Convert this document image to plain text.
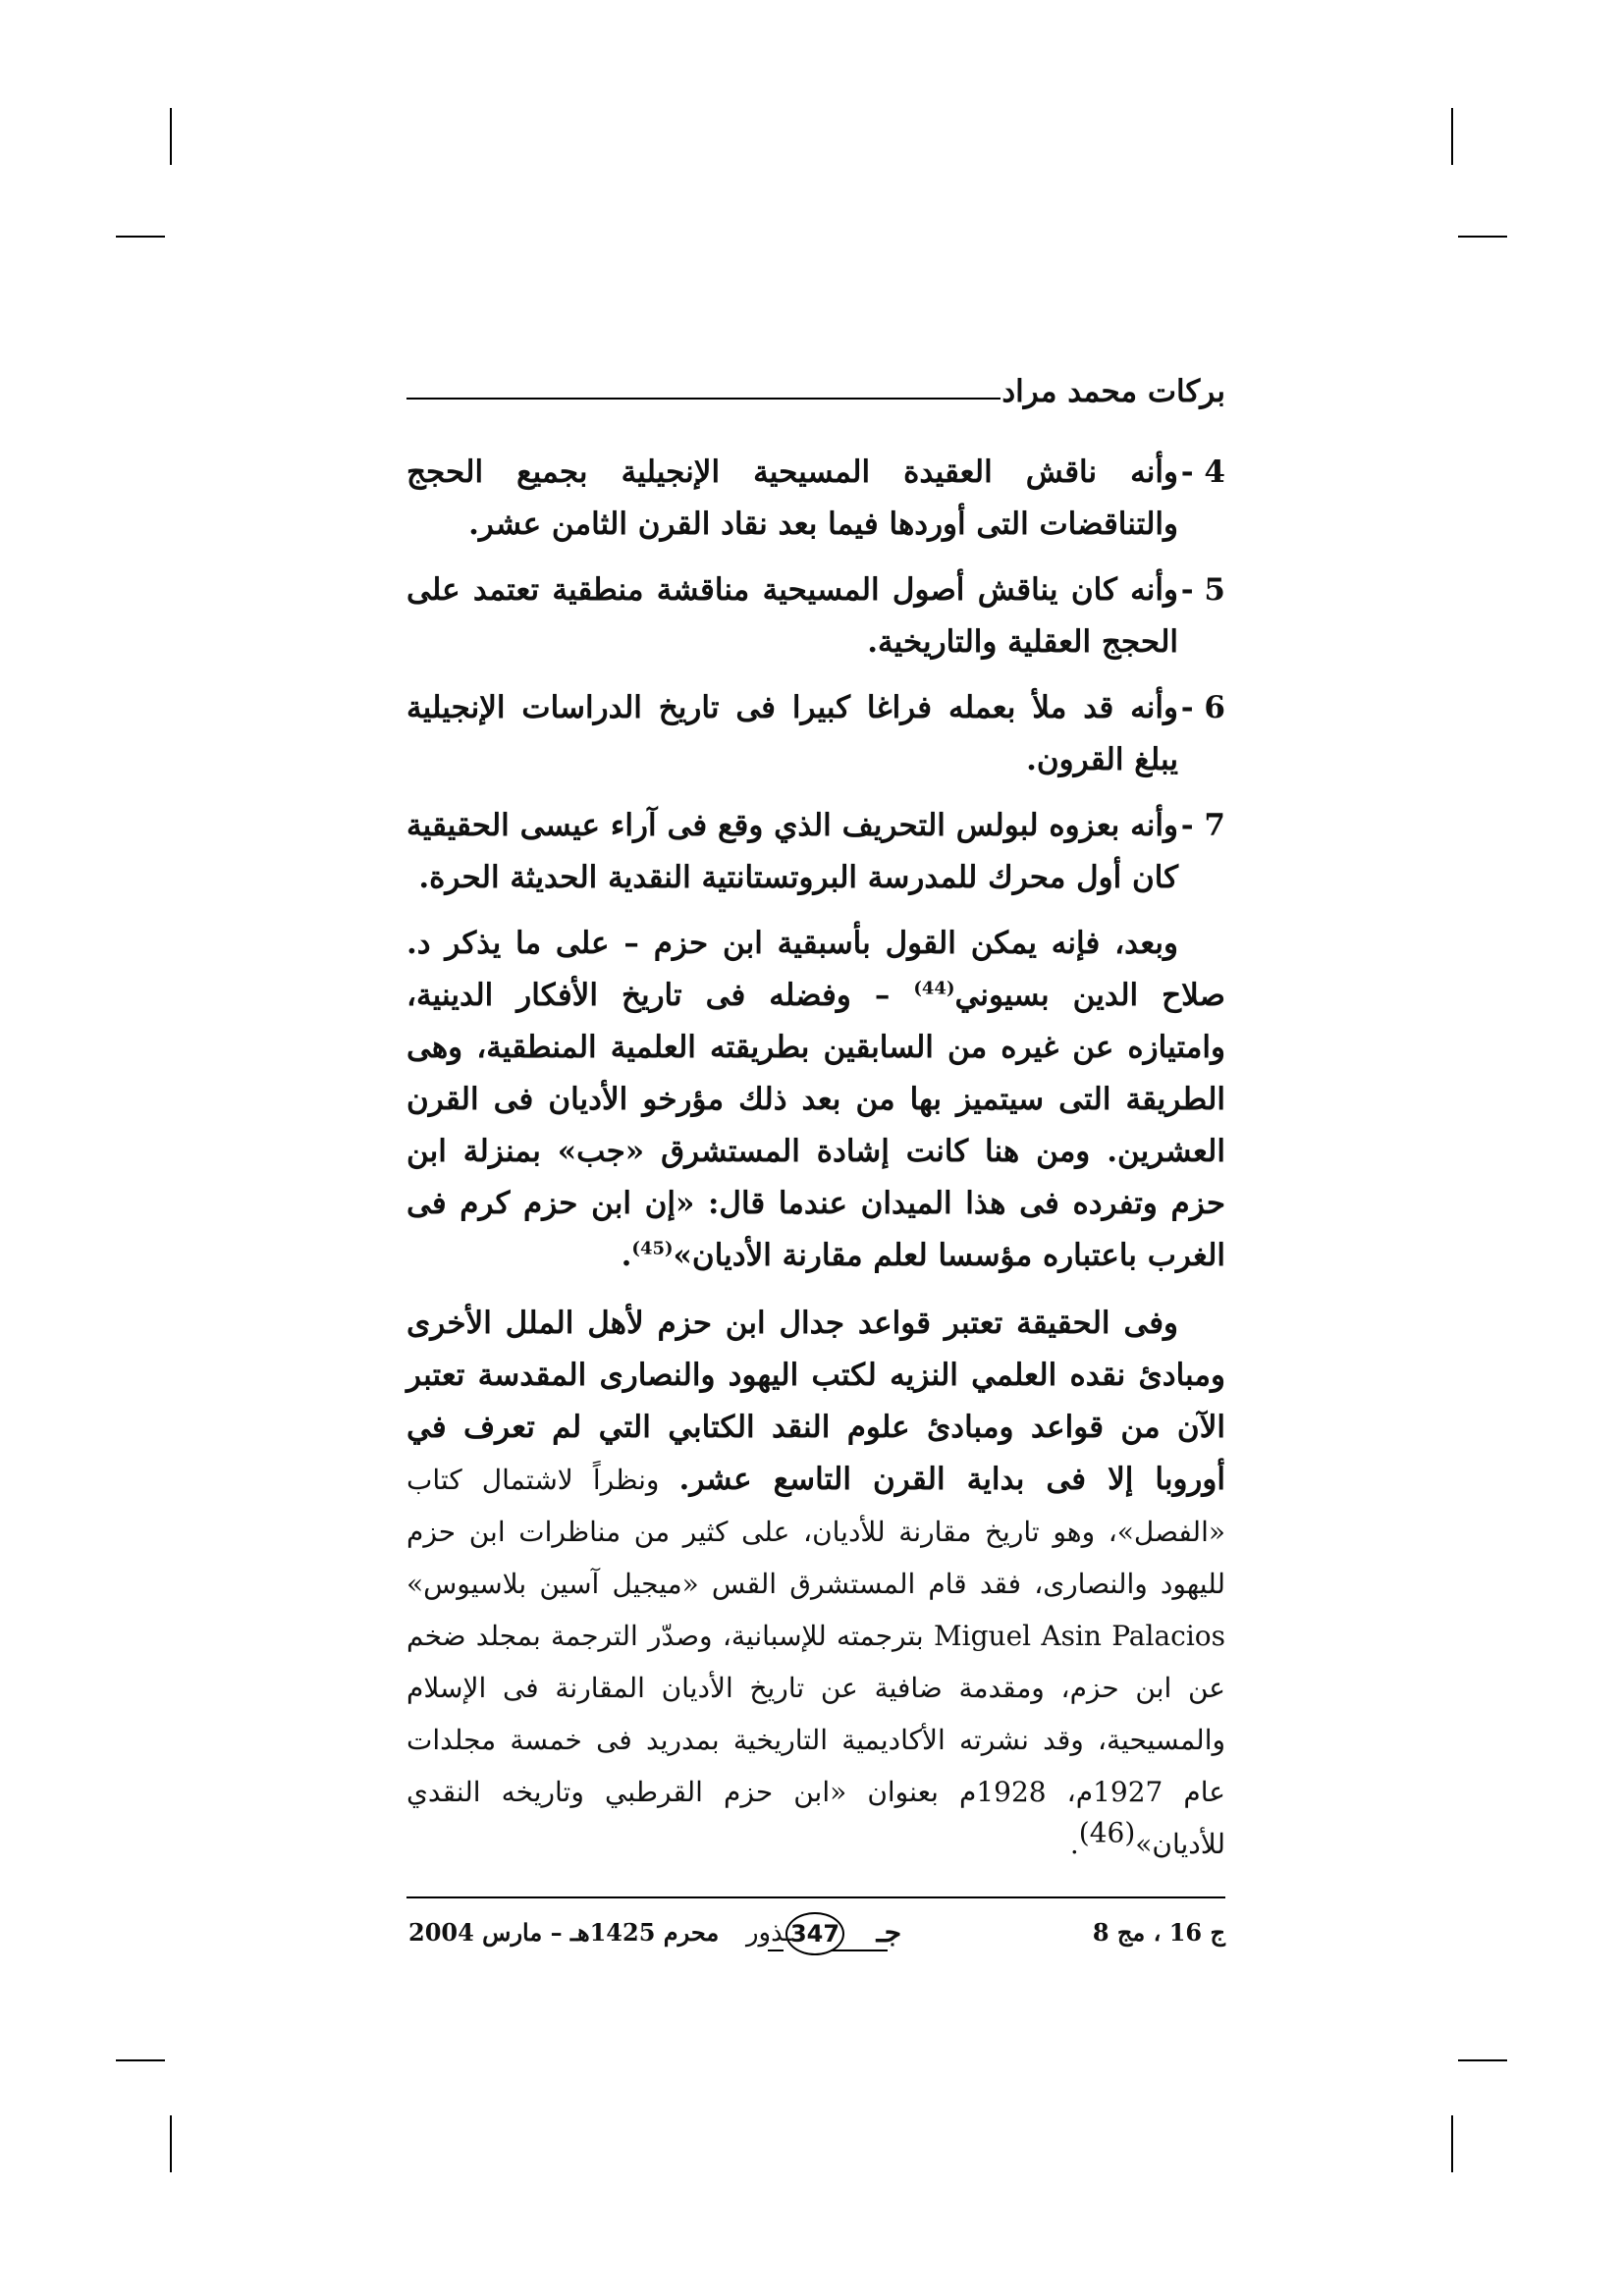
بركات محمد مراد
4 -
وأنه ناقش العقيدة المسيحية الإنجيلية بجميع الحجج والتناقضات التى أوردها فيما بعد نقاد القرن الثامن عشر.
5 -
وأنه كان يناقش أصول المسيحية مناقشة منطقية تعتمد على الحجج العقلية والتاريخية.
6 -
وأنه قد ملأ بعمله فراغا كبيرا فى تاريخ الدراسات الإنجيلية يبلغ القرون.
7 -
وأنه بعزوه لبولس التحريف الذي وقع فى آراء عيسى الحقيقية كان أول محرك للمدرسة البروتستانتية النقدية الحديثة الحرة.

وبعد، فإنه يمكن القول بأسبقية ابن حزم – على ما يذكر د. صلاح الدين بسيوني$^{(44)}$ – وفضله فى تاريخ الأفكار الدينية، وامتيازه عن غيره من السابقين بطريقته العلمية المنطقية، وهى الطريقة التى سيتميز بها من بعد ذلك مؤرخو الأديان فى القرن العشرين. ومن هنا كانت إشادة المستشرق «جب» بمنزلة ابن حزم وتفرده فى هذا الميدان عندما قال: «إن ابن حزم كرم فى الغرب باعتباره مؤسسا لعلم مقارنة الأديان»$^{(45)}$.

وفى الحقيقة تعتبر قواعد جدال ابن حزم لأهل الملل الأخرى ومبادئ نقده العلمي النزيه لكتب اليهود والنصارى المقدسة تعتبر الآن من قواعد ومبادئ علوم النقد الكتابي التي لم تعرف في أوروبا إلا فى بداية القرن التاسع عشر. ونظراً لاشتمال كتاب «الفصل»، وهو تاريخ مقارنة للأديان، على كثير من مناظرات ابن حزم لليهود والنصارى، فقد قام المستشرق القس «ميجيل آسين بلاسيوس» Miguel Asin Palacios بترجمته للإسبانية، وصدّر الترجمة بمجلد ضخم عن ابن حزم، ومقدمة ضافية عن تاريخ الأديان المقارنة فى الإسلام والمسيحية، وقد نشرته الأكاديمية التاريخية بمدريد فى خمسة مجلدات عام 1927م، 1928م بعنوان «ابن حزم القرطبي وتاريخه النقدي للأديان»$^{(46)}$.

ج 16 ، مج 8
جـ
347
ـذور
محرم 1425هـ – مارس 2004
